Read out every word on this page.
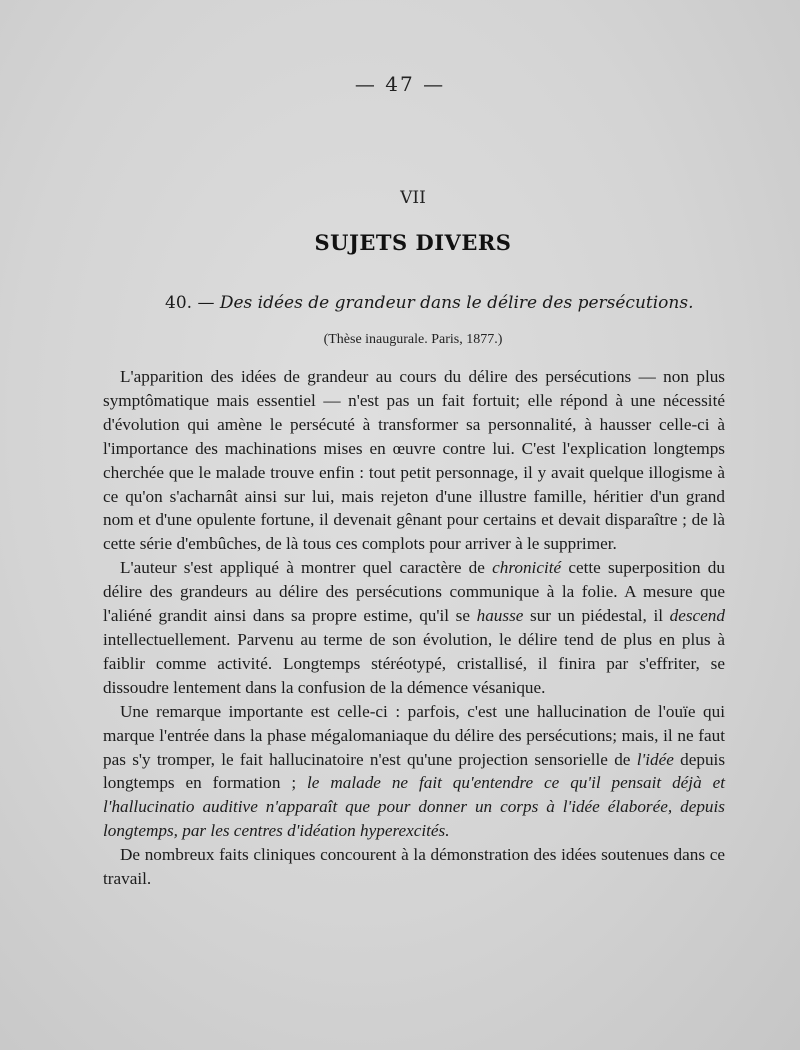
— 47 —
VII
SUJETS DIVERS
40. — Des idées de grandeur dans le délire des persécutions.
(Thèse inaugurale. Paris, 1877.)

L'apparition des idées de grandeur au cours du délire des persécutions — non plus symptômatique mais essentiel — n'est pas un fait fortuit; elle répond à une nécessité d'évolution qui amène le persécuté à transformer sa personnalité, à hausser celle-ci à l'importance des machinations mises en œuvre contre lui. C'est l'explication longtemps cherchée que le malade trouve enfin : tout petit personnage, il y avait quelque illogisme à ce qu'on s'acharnât ainsi sur lui, mais rejeton d'une illustre famille, héritier d'un grand nom et d'une opulente fortune, il devenait gênant pour certains et devait disparaître ; de là cette série d'embûches, de là tous ces complots pour arriver à le supprimer.

L'auteur s'est appliqué à montrer quel caractère de chronicité cette superposition du délire des grandeurs au délire des persécutions communique à la folie. A mesure que l'aliéné grandit ainsi dans sa propre estime, qu'il se hausse sur un piédestal, il descend intellectuellement. Parvenu au terme de son évolution, le délire tend de plus en plus à faiblir comme activité. Longtemps stéréotypé, cristallisé, il finira par s'effriter, se dissoudre lentement dans la confusion de la démence vésanique.

Une remarque importante est celle-ci : parfois, c'est une hallucination de l'ouïe qui marque l'entrée dans la phase mégalomaniaque du délire des persécutions; mais, il ne faut pas s'y tromper, le fait hallucinatoire n'est qu'une projection sensorielle de l'idée depuis longtemps en formation ; le malade ne fait qu'entendre ce qu'il pensait déjà et l'hallucinatio auditive n'apparaît que pour donner un corps à l'idée élaborée, depuis longtemps, par les centres d'idéation hyperexcités.

De nombreux faits cliniques concourent à la démonstration des idées soutenues dans ce travail.
